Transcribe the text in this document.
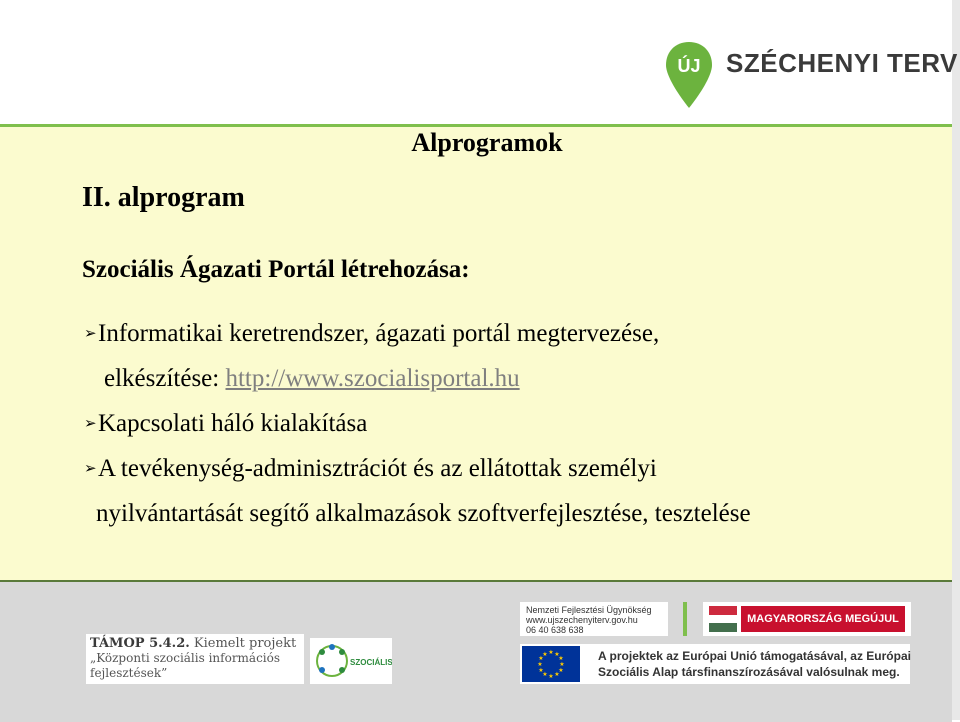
ÚJ SZÉCHENYI TERV
Alprogramok
II. alprogram
Szociális Ágazati Portál létrehozása:
➢Informatikai keretrendszer, ágazati portál megtervezése,
elkészítése: http://www.szocialisportal.hu
➢Kapcsolati háló kialakítása
➢A tevékenység-adminisztrációt és az ellátottak személyi
nyilvántartását segítő alkalmazások szoftverfejlesztése, tesztelése
TÁMOP 5.4.2. Kiemelt projekt
„Központi szociális információs
fejlesztések”
SZOCIÁLIS
Nemzeti Fejlesztési Ügynökség
www.ujszechenyiterv.gov.hu
06 40 638 638
MAGYARORSZÁG MEGÚJUL
★ ★
★
★
★
★
★
★
★
★
★
★	A projektek az Európai Unió támogatásával, az Európai
Szociális Alap társfinanszírozásával valósulnak meg.
